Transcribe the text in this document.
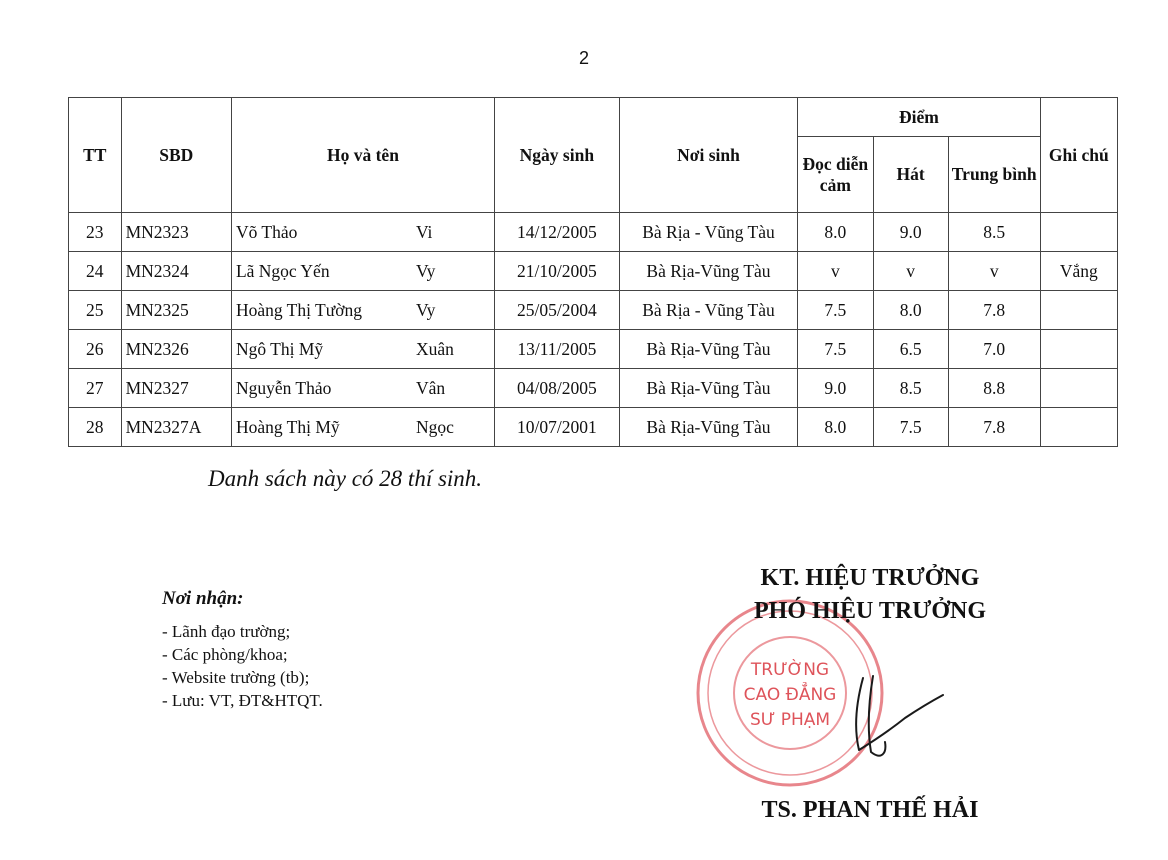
2
TT	SBD	Họ và tên	Ngày sinh	Nơi sinh	Điểm			Ghi chú
					Đọc diễn cảm	Hát	Trung bình	
23	MN2323	Võ Thảo Vi	14/12/2005	Bà Rịa - Vũng Tàu	8.0	9.0	8.5	
24	MN2324	Lã Ngọc Yến Vy	21/10/2005	Bà Rịa-Vũng Tàu	v	v	v	Vắng
25	MN2325	Hoàng Thị Tường Vy	25/05/2004	Bà Rịa - Vũng Tàu	7.5	8.0	7.8	
26	MN2326	Ngô Thị Mỹ Xuân	13/11/2005	Bà Rịa-Vũng Tàu	7.5	6.5	7.0	
27	MN2327	Nguyễn Thảo Vân	04/08/2005	Bà Rịa-Vũng Tàu	9.0	8.5	8.8	
28	MN2327A	Hoàng Thị Mỹ Ngọc	10/07/2001	Bà Rịa-Vũng Tàu	8.0	7.5	7.8	
Danh sách này có 28 thí sinh.
Nơi nhận:
- Lãnh đạo trường;
- Các phòng/khoa;
- Website trường (tb);
- Lưu: VT, ĐT&HTQT.
TRƯỜNG
CAO ĐẲNG
SƯ PHẠM
KT. HIỆU TRƯỞNG
PHÓ HIỆU TRƯỞNG
TS. PHAN THẾ HẢI
